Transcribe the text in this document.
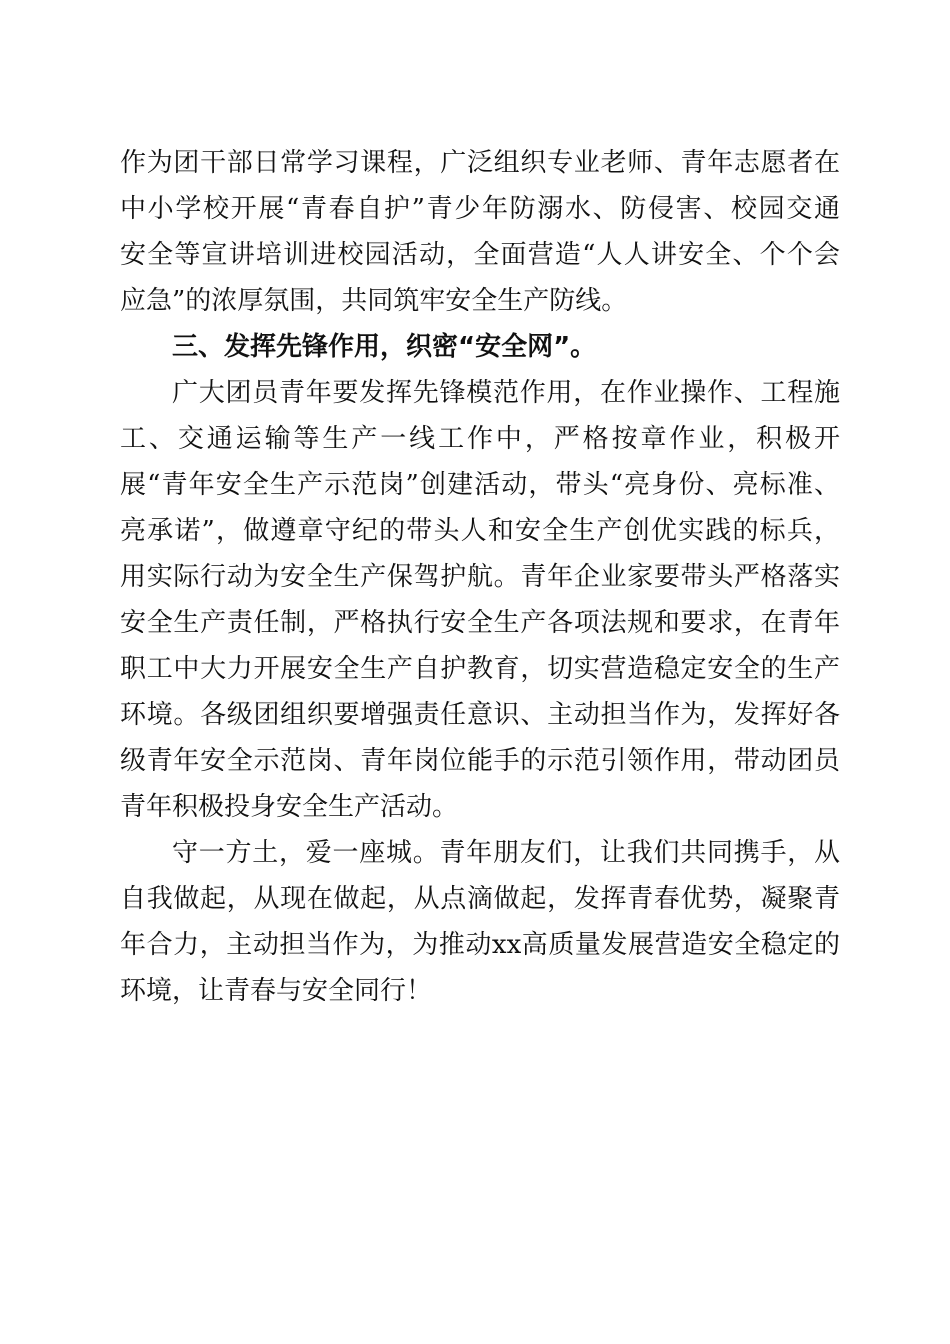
作为团干部日常学习课程，广泛组织专业老师、青年志愿者在
中小学校开展“青春自护”青少年防溺水、防侵害、校园交通
安全等宣讲培训进校园活动，全面营造“人人讲安全、个个会
应急”的浓厚氛围，共同筑牢安全生产防线。
三、发挥先锋作用，织密“安全网”。
广大团员青年要发挥先锋模范作用，在作业操作、工程施
工、交通运输等生产一线工作中，严格按章作业，积极开
展“青年安全生产示范岗”创建活动，带头“亮身份、亮标准、
亮承诺”，做遵章守纪的带头人和安全生产创优实践的标兵，
用实际行动为安全生产保驾护航。青年企业家要带头严格落实
安全生产责任制，严格执行安全生产各项法规和要求，在青年
职工中大力开展安全生产自护教育，切实营造稳定安全的生产
环境。各级团组织要增强责任意识、主动担当作为，发挥好各
级青年安全示范岗、青年岗位能手的示范引领作用，带动团员
青年积极投身安全生产活动。
守一方土，爱一座城。青年朋友们，让我们共同携手，从
自我做起，从现在做起，从点滴做起，发挥青春优势，凝聚青
年合力，主动担当作为，为推动xx高质量发展营造安全稳定的
环境，让青春与安全同行！
